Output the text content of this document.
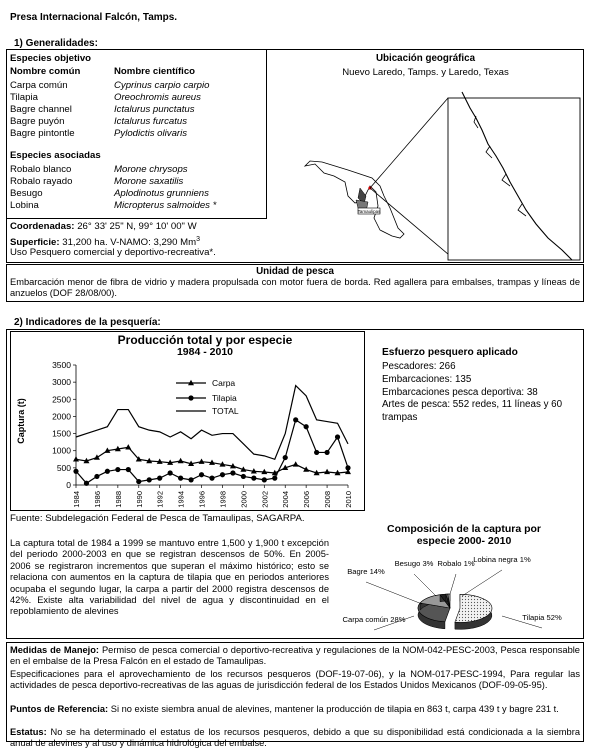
Presa Internacional Falcón, Tamps.
1) Generalidades:
Especies objetivo
Nombre común	Nombre científico
Carpa común	Cyprinus carpio carpio
Tilapia	Oreochromis aureus
Bagre channel	Ictalurus punctatus
Bagre puyón	Ictalurus furcatus
Bagre pintontle	Pylodictis olivaris
Especies asociadas
Robalo blanco	Morone chrysops
Robalo rayado	Morone saxatilis
Besugo	Aplodinotus grunniens
Lobina	Micropterus salmoides *
Coordenadas: 26° 33' 25" N, 99° 10' 00" W
Superficie: 31,200 ha. V-NAMO: 3,290 Mm$^3$
Uso Pesquero comercial y deportivo-recreativa*.
Ubicación geográfica
Nuevo Laredo, Tamps. y Laredo, Texas
Tamaulipas
Unidad de pesca
Embarcación menor de fibra de vidrio y madera propulsada con motor fuera de borda. Red agallera para embalses, trampas y líneas de anzuelos (DOF 28/08/00).
2) Indicadores de la pesquería:
Producción total y por especie
1984 - 2010
Captura (t)
0
500
1000
1500
2000
2500
3000
3500
1984 1986 1988 1990 1992 1994 1996 1998 2000 2002 2004 2006 2008 2010
Carpa
Tilapia
TOTAL
Esfuerzo pesquero aplicado
Pescadores: 266
Embarcaciones: 135
Embarcaciones pesca deportiva: 38
Artes de pesca: 552 redes, 11 líneas y 60 trampas
Fuente: Subdelegación Federal de Pesca de Tamaulipas, SAGARPA.
La captura total de 1984 a 1999 se mantuvo entre 1,500 y 1,900 t excepción del periodo 2000-2003 en que se registran descensos de 50%. En 2005-2006 se registraron incrementos que superan el máximo histórico; esto se relaciona con aumentos en la captura de tilapia que en periodos anteriores ocupaba el segundo lugar, la carpa a partir del 2000 registra descensos de 42%. Existe alta variabilidad del nivel de agua y discontinuidad en el repoblamiento de alevines
Composición de la captura por
especie 2000- 2010
Tilapia 52%
Carpa común 28%
Bagre 14%
Besugo 3% Robalo 1%
Lobina negra 1%
Medidas de Manejo: Permiso de pesca comercial o deportivo-recreativa y regulaciones de la NOM-042-PESC-2003, Pesca responsable en el embalse de la Presa Falcón en el estado de Tamaulipas.
Especificaciones para el aprovechamiento de los recursos pesqueros (DOF-19-07-06), y la NOM-017-PESC-1994, Para regular las actividades de pesca deportivo-recreativas de las aguas de jurisdicción federal de los Estados Unidos Mexicanos (DOF-09-05-95).
Puntos de Referencia: Si no existe siembra anual de alevines, mantener la producción de tilapia en 863 t, carpa 439 t y bagre 231 t.
Estatus: No se ha determinado el estatus de los recursos pesqueros, debido a que su disponibilidad está condicionada a la siembra anual de alevines y al uso y dinámica hidrológica del embalse.
